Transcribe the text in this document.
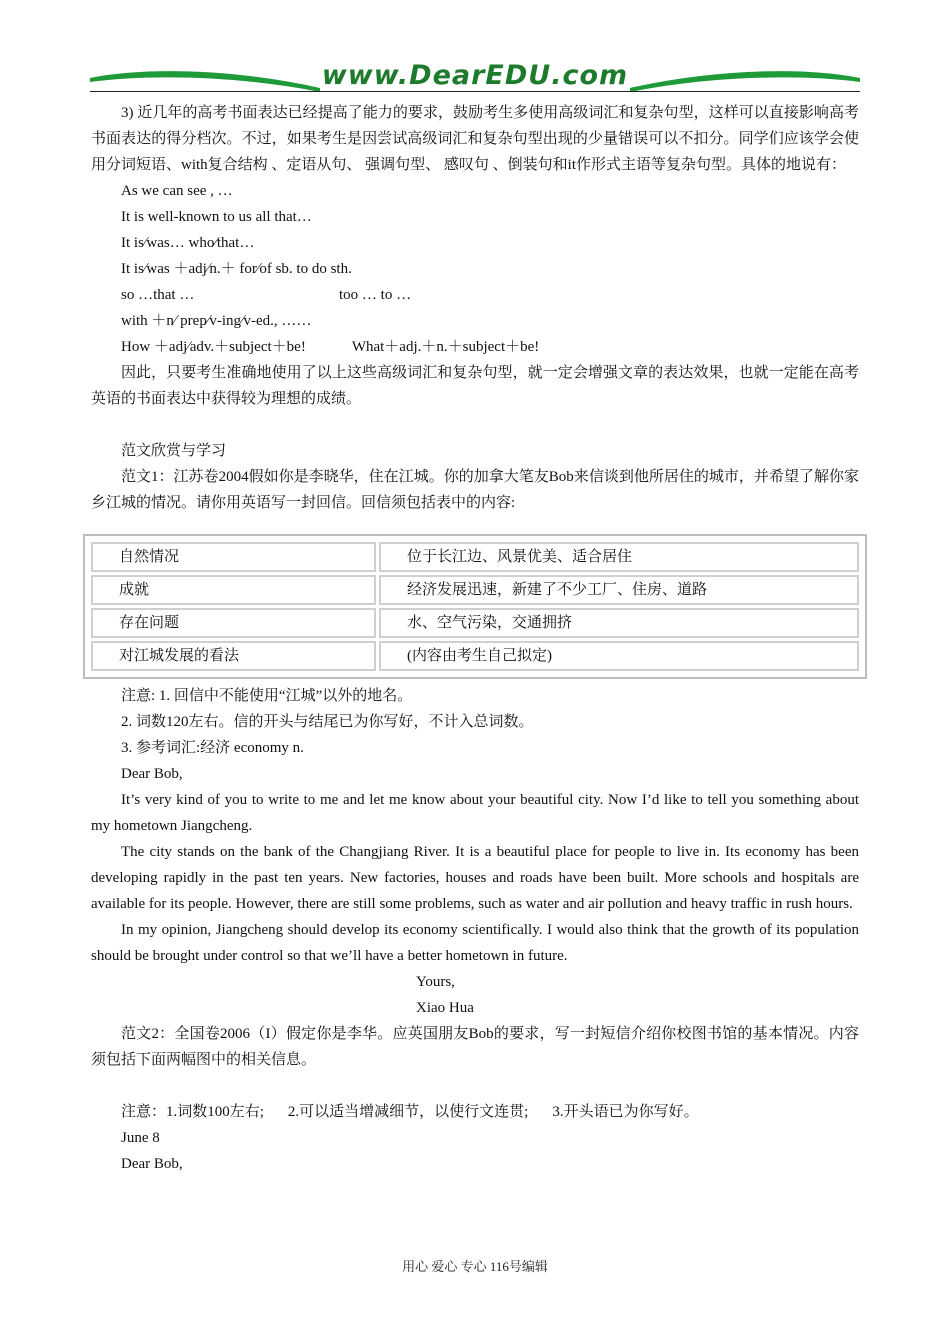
www.DearEDU.com

3) 近几年的高考书面表达已经提高了能力的要求，鼓励考生多使用高级词汇和复杂句型，这样可以直接影响高考书面表达的得分档次。不过，如果考生是因尝试高级词汇和复杂句型出现的少量错误可以不扣分。同学们应该学会使用分词短语、with复合结构 、定语从句、 强调句型、 感叹句 、倒装句和it作形式主语等复杂句型。具体的地说有：

As we can see , …

It is well-known to us all that…

It is∕was… who∕that…

It is∕was ＋adj∕n.＋ for∕of sb. to do sth.

so …that …	too … to …

with ＋n∕ prep∕v-ing∕v-ed., ……

How ＋adj∕adv.＋subject＋be!	What＋adj.＋n.＋subject＋be!

因此，只要考生准确地使用了以上这些高级词汇和复杂句型，就一定会增强文章的表达效果，也就一定能在高考英语的书面表达中获得较为理想的成绩。

范文欣赏与学习

范文1：江苏卷2004假如你是李晓华，住在江城。你的加拿大笔友Bob来信谈到他所居住的城市，并希望了解你家乡江城的情况。请你用英语写一封回信。回信须包括表中的内容:

自然情况	位于长江边、风景优美、适合居住
成就	经济发展迅速，新建了不少工厂、住房、道路
存在问题	水、空气污染，交通拥挤
对江城发展的看法	(内容由考生自己拟定)

注意: 1. 回信中不能使用“江城”以外的地名。

2. 词数120左右。信的开头与结尾已为你写好，不计入总词数。

3. 参考词汇:经济 economy n.

Dear Bob,

It’s very kind of you to write to me and let me know about your beautiful city. Now I’d like to tell you something about my hometown Jiangcheng.

The city stands on the bank of the Changjiang River. It is a beautiful place for people to live in. Its economy has been developing rapidly in the past ten years. New factories, houses and roads have been built. More schools and hospitals are available for its people. However, there are still some problems, such as water and air pollution and heavy traffic in rush hours.

In my opinion, Jiangcheng should develop its economy scientifically. I would also think that the growth of its population should be brought under control so that we’ll have a better hometown in future.

Yours,

Xiao Hua

范文2：全国卷2006（I）假定你是李华。应英国朋友Bob的要求，写一封短信介绍你校图书馆的基本情况。内容须包括下面两幅图中的相关信息。

注意：1.词数100左右; 2.可以适当增减细节，以使行文连贯; 3.开头语已为你写好。

June 8

Dear Bob,

用心 爱心 专心 116号编辑
